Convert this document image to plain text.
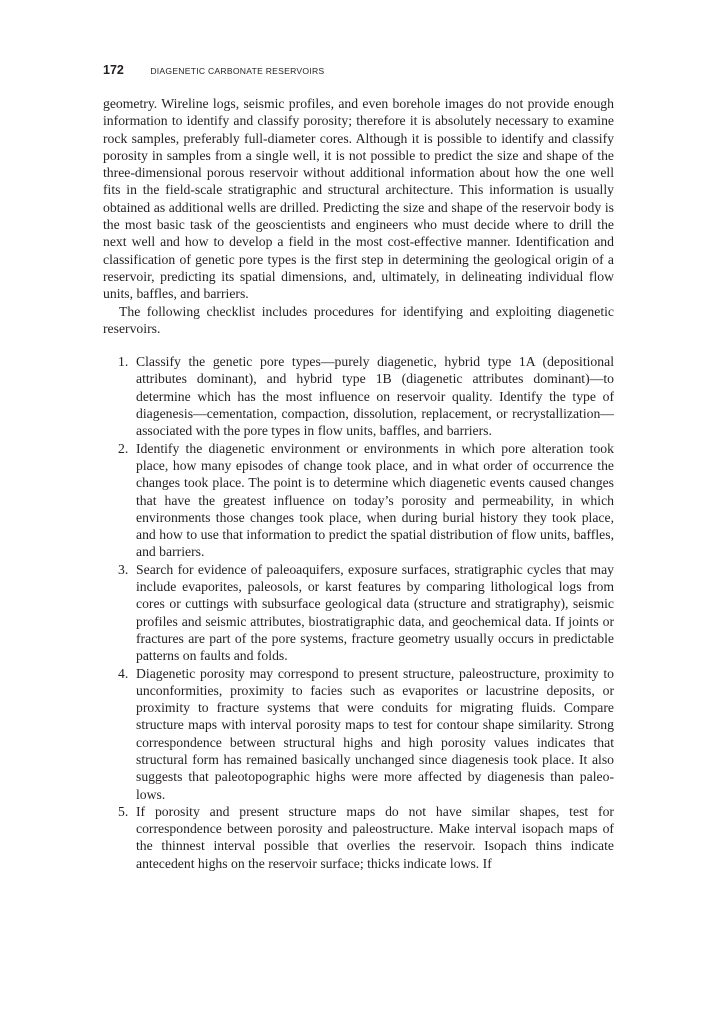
172	DIAGENETIC CARBONATE RESERVOIRS

geometry. Wireline logs, seismic profiles, and even borehole images do not provide enough information to identify and classify porosity; therefore it is absolutely necessary to examine rock samples, preferably full-diameter cores. Although it is possible to identify and classify porosity in samples from a single well, it is not possible to predict the size and shape of the three-dimensional porous reservoir without additional information about how the one well fits in the field-scale stratigraphic and structural architecture. This information is usually obtained as additional wells are drilled. Predicting the size and shape of the reservoir body is the most basic task of the geoscientists and engineers who must decide where to drill the next well and how to develop a field in the most cost-effective manner. Identification and classification of genetic pore types is the first step in determining the geological origin of a reservoir, predicting its spatial dimensions, and, ultimately, in delineating individual flow units, baffles, and barriers.

The following checklist includes procedures for identifying and exploiting diagenetic reservoirs.

1. Classify the genetic pore types—purely diagenetic, hybrid type 1A (depositional attributes dominant), and hybrid type 1B (diagenetic attributes dominant)—to determine which has the most influence on reservoir quality. Identify the type of diagenesis—cementation, compaction, dissolution, replacement, or recrystallization—associated with the pore types in flow units, baffles, and barriers.
2. Identify the diagenetic environment or environments in which pore alteration took place, how many episodes of change took place, and in what order of occurrence the changes took place. The point is to determine which diagenetic events caused changes that have the greatest influence on today’s porosity and permeability, in which environments those changes took place, when during burial history they took place, and how to use that information to predict the spatial distribution of flow units, baffles, and barriers.
3. Search for evidence of paleoaquifers, exposure surfaces, stratigraphic cycles that may include evaporites, paleosols, or karst features by comparing lithological logs from cores or cuttings with subsurface geological data (structure and stratigraphy), seismic profiles and seismic attributes, biostratigraphic data, and geochemical data. If joints or fractures are part of the pore systems, fracture geometry usually occurs in predictable patterns on faults and folds.
4. Diagenetic porosity may correspond to present structure, paleostructure, proximity to unconformities, proximity to facies such as evaporites or lacustrine deposits, or proximity to fracture systems that were conduits for migrating fluids. Compare structure maps with interval porosity maps to test for contour shape similarity. Strong correspondence between structural highs and high porosity values indicates that structural form has remained basically unchanged since diagenesis took place. It also suggests that paleotopographic highs were more affected by diagenesis than paleo-lows.
5. If porosity and present structure maps do not have similar shapes, test for correspondence between porosity and paleostructure. Make interval isopach maps of the thinnest interval possible that overlies the reservoir. Isopach thins indicate antecedent highs on the reservoir surface; thicks indicate lows. If
